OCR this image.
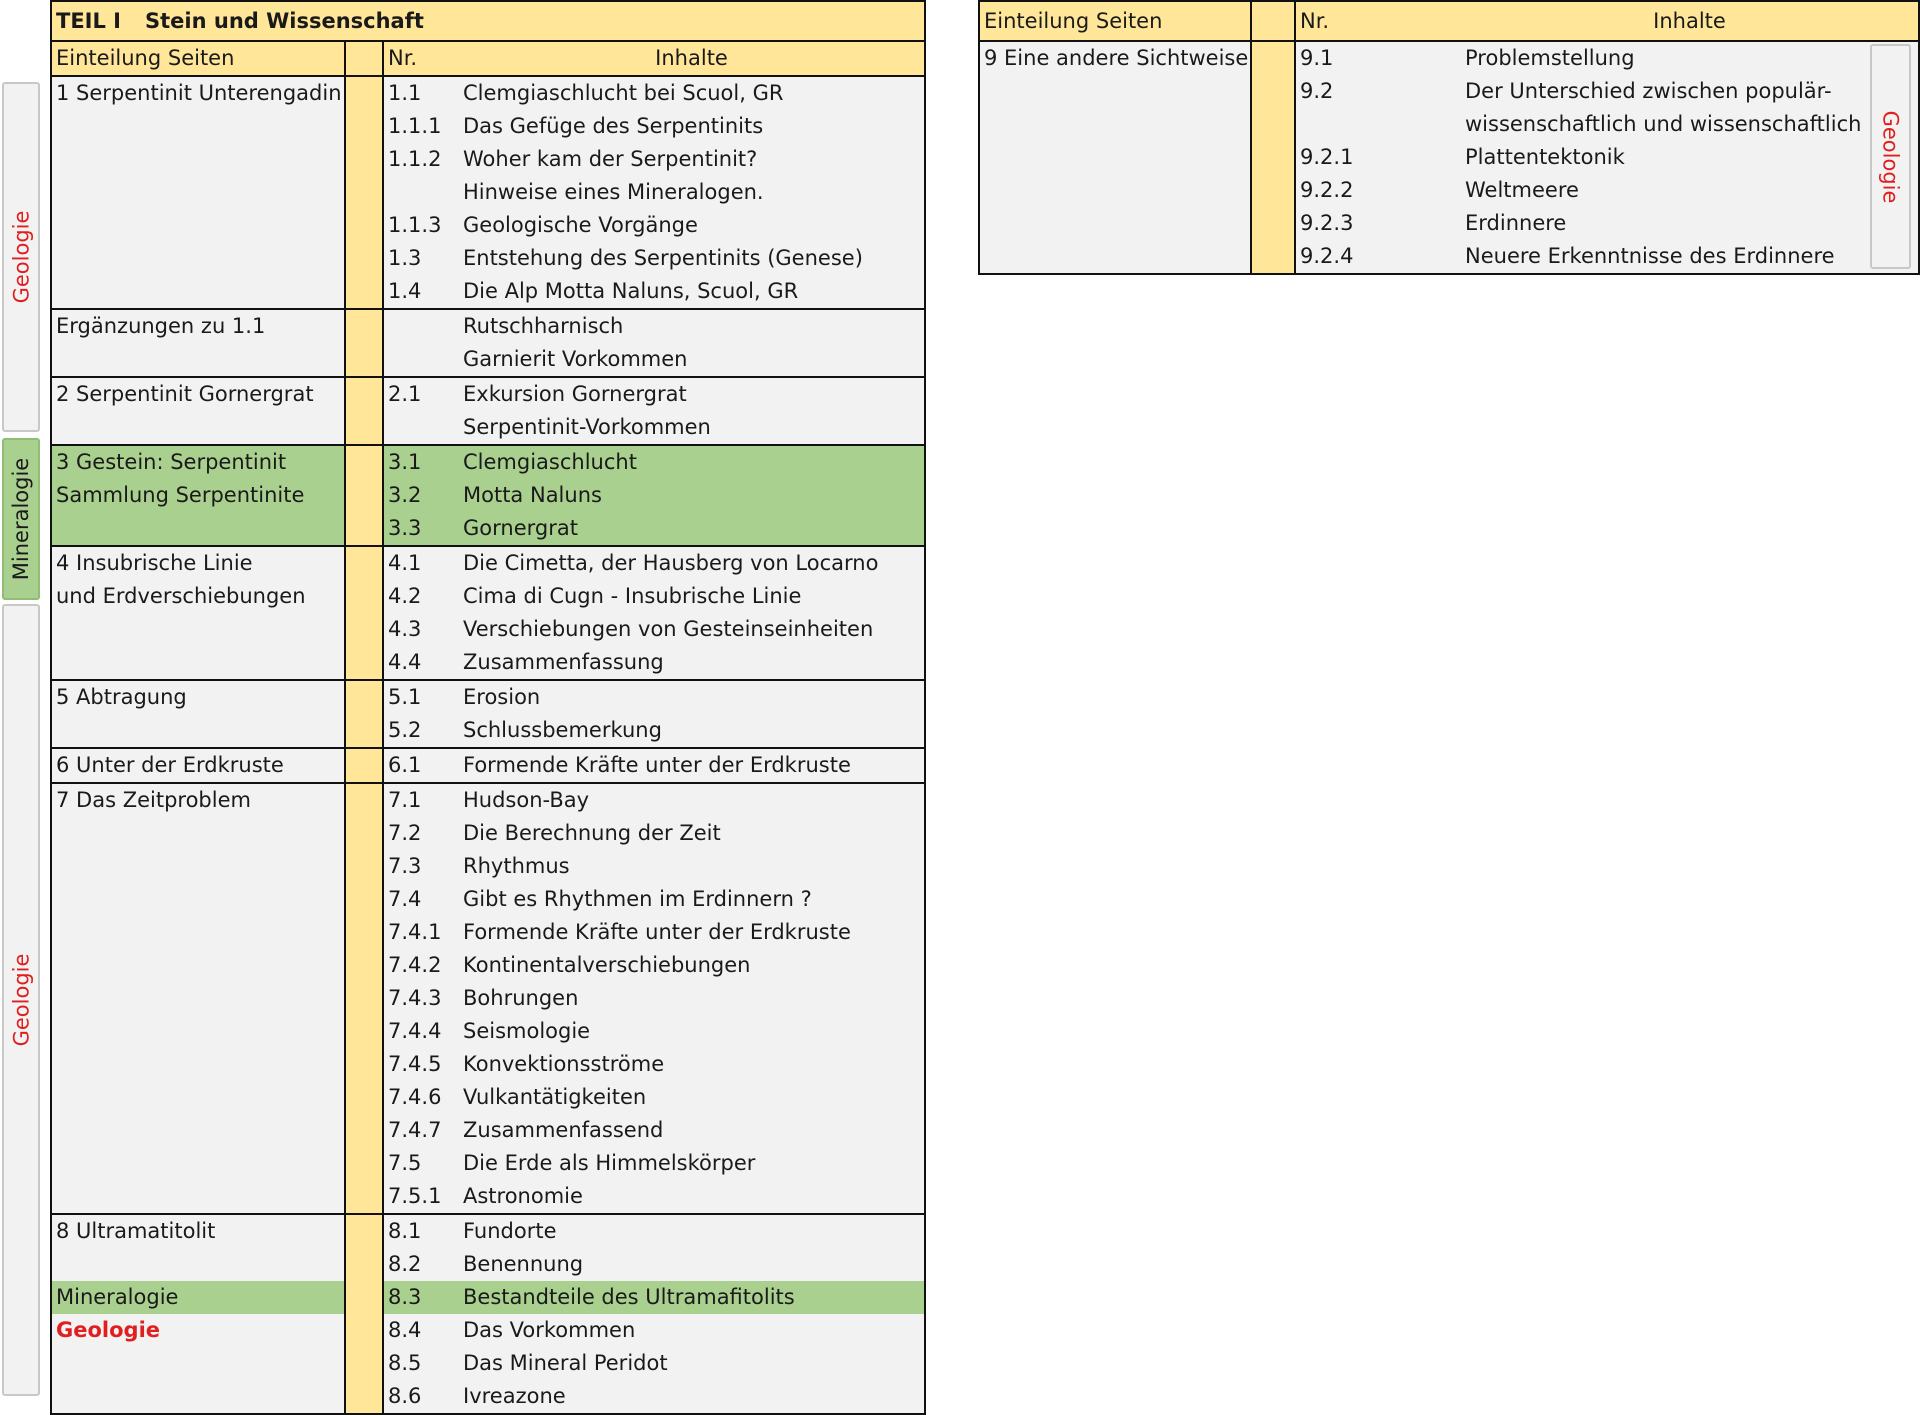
Geologie
Mineralogie
Geologie
TEIL I Stein und Wissenschaft			
Einteilung Seiten		Nr.	Inhalte
1 Serpentinit Unterengadin		1.1	Clemgiaschlucht bei Scuol, GR
		1.1.1	Das Gefüge des Serpentinits
		1.1.2	Woher kam der Serpentinit?
			Hinweise eines Mineralogen.
		1.1.3	Geologische Vorgänge
		1.3	Entstehung des Serpentinits (Genese)
		1.4	Die Alp Motta Naluns, Scuol, GR
Ergänzungen zu 1.1			Rutschharnisch
			Garnierit Vorkommen
2 Serpentinit Gornergrat		2.1	Exkursion Gornergrat
			Serpentinit-Vorkommen
3 Gestein: Serpentinit		3.1	Clemgiaschlucht
Sammlung Serpentinite		3.2	Motta Naluns
		3.3	Gornergrat
4 Insubrische Linie		4.1	Die Cimetta, der Hausberg von Locarno
und Erdverschiebungen		4.2	Cima di Cugn - Insubrische Linie
		4.3	Verschiebungen von Gesteinseinheiten
		4.4	Zusammenfassung
5 Abtragung		5.1	Erosion
		5.2	Schlussbemerkung
6 Unter der Erdkruste		6.1	Formende Kräfte unter der Erdkruste
7 Das Zeitproblem		7.1	Hudson-Bay
		7.2	Die Berechnung der Zeit
		7.3	Rhythmus
		7.4	Gibt es Rhythmen im Erdinnern ?
		7.4.1	Formende Kräfte unter der Erdkruste
		7.4.2	Kontinentalverschiebungen
		7.4.3	Bohrungen
		7.4.4	Seismologie
		7.4.5	Konvektionsströme
		7.4.6	Vulkantätigkeiten
		7.4.7	Zusammenfassend
		7.5	Die Erde als Himmelskörper
		7.5.1	Astronomie
8 Ultramatitolit		8.1	Fundorte
		8.2	Benennung
Mineralogie		8.3	Bestandteile des Ultramafitolits
Geologie		8.4	Das Vorkommen
		8.5	Das Mineral Peridot
		8.6	Ivreazone
Einteilung Seiten		Nr.	Inhalte
9 Eine andere Sichtweise		9.1	Problemstellung
		9.2	Der Unterschied zwischen populär-
			wissenschaftlich und wissenschaftlich
		9.2.1	Plattentektonik
		9.2.2	Weltmeere
		9.2.3	Erdinnere
		9.2.4	Neuere Erkenntnisse des Erdinnere
Geologie
